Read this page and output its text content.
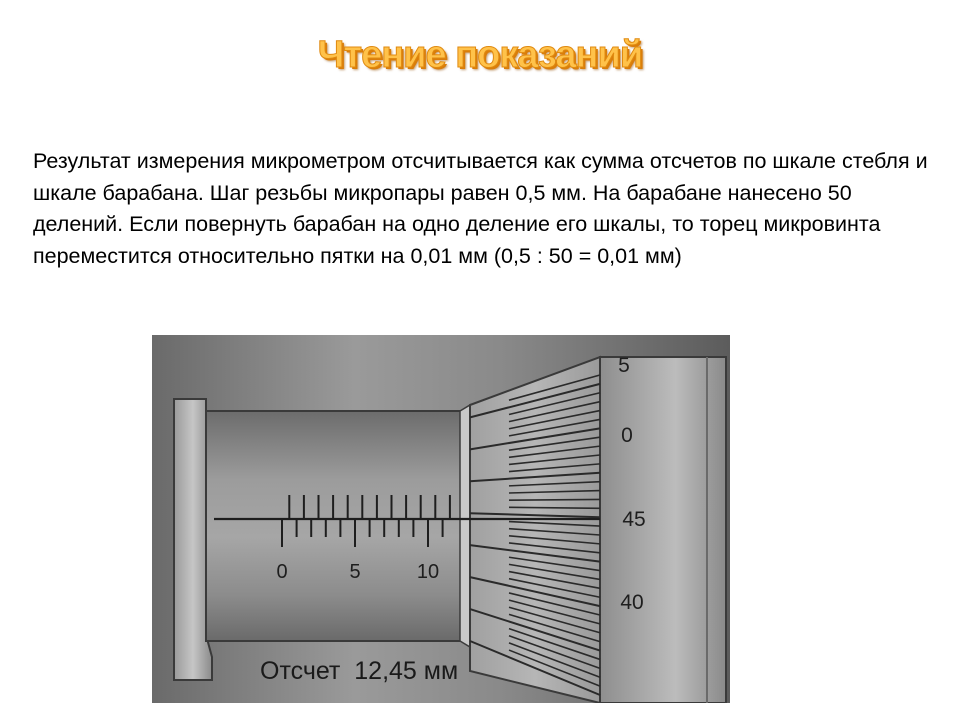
Чтение показаний

Результат измерения микрометром отсчитывается как сумма отсчетов по шкале стебля и шкале барабана. Шаг резьбы микропары равен 0,5 мм. На барабане нанесено 50 делений. Если повернуть барабан на одно деление его шкалы, то торец микровинта переместится относительно пятки на 0,01 мм (0,5 : 50 = 0,01 мм)

0	5	10
5
0
45
40
Отсчет  12,45 мм
